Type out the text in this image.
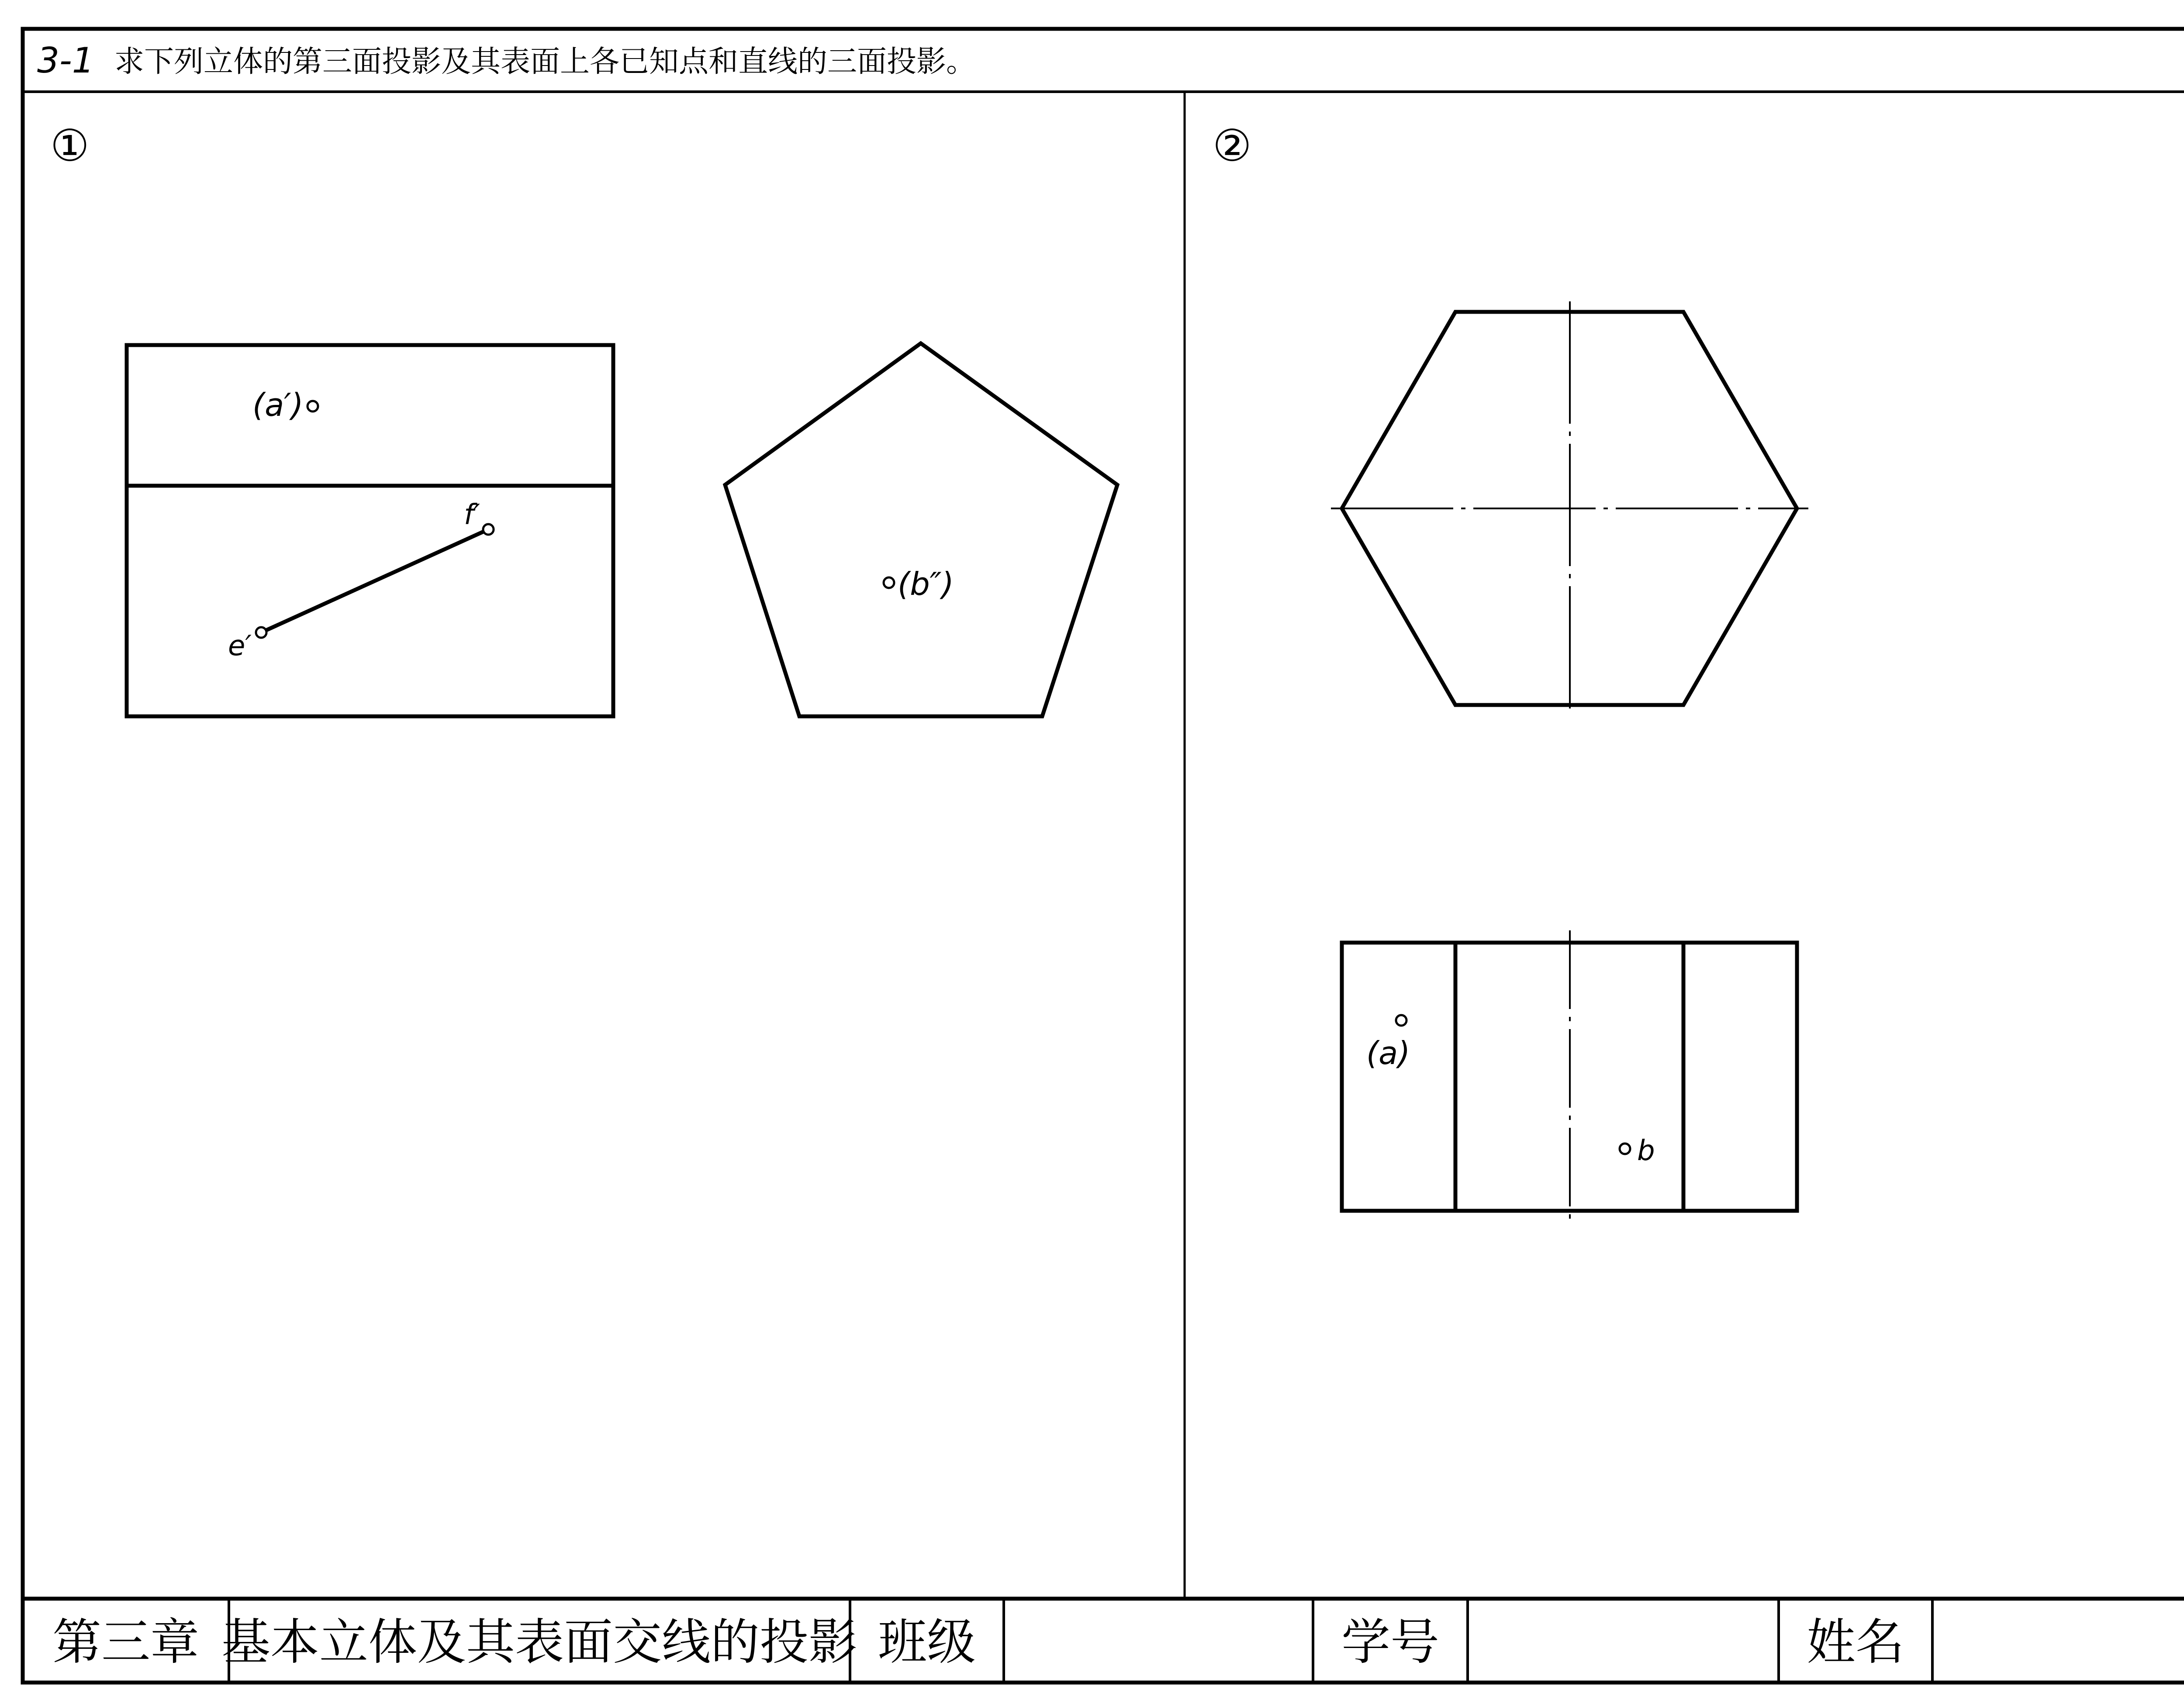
3-1 求下列立体的第三面投影及其表面上各已知点和直线的三面投影。
①
(a′)
e′
f′
(b″)
②
(a)
b
第三章 基本立体及其表面交线的投影 班级	学号	姓名
